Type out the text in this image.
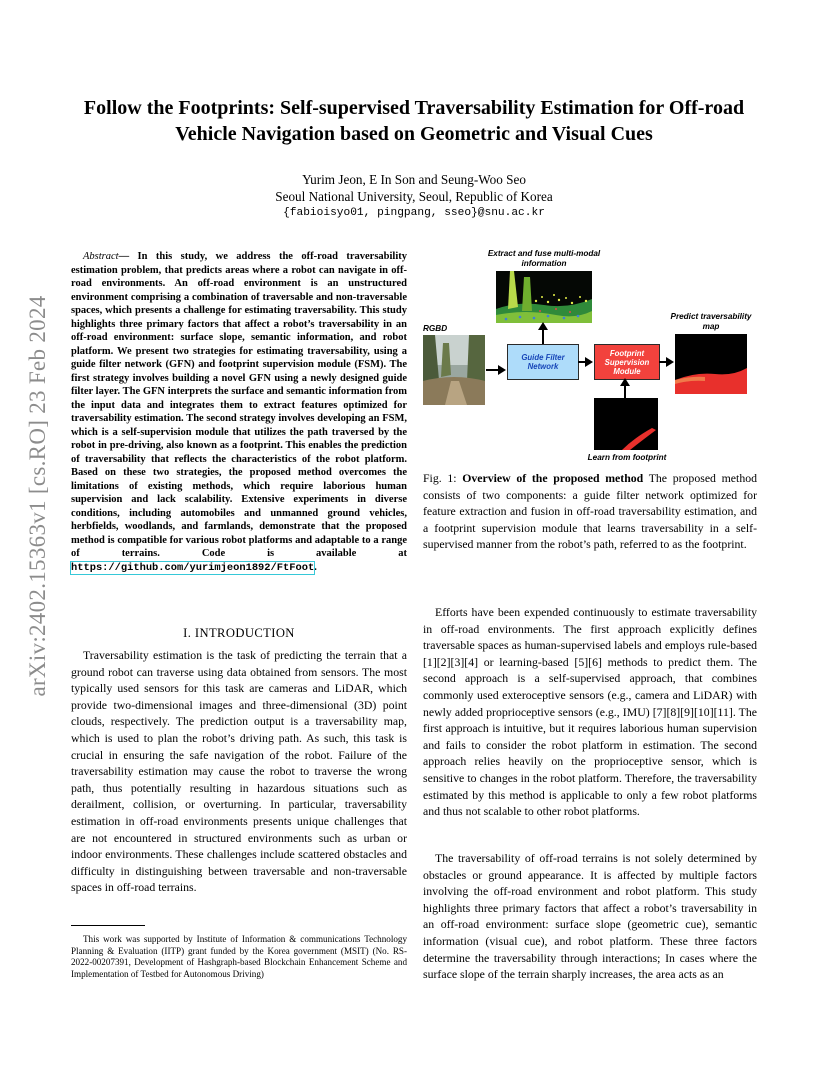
arXiv:2402.15363v1 [cs.RO] 23 Feb 2024
Follow the Footprints: Self-supervised Traversability Estimation for Off-road Vehicle Navigation based on Geometric and Visual Cues
Yurim Jeon, E In Son and Seung-Woo Seo
Seoul National University, Seoul, Republic of Korea
{fabioisyo01, pingpang, sseo}@snu.ac.kr
Abstract— In this study, we address the off-road traversability estimation problem, that predicts areas where a robot can navigate in off-road environments. An off-road environment is an unstructured environment comprising a combination of traversable and non-traversable spaces, which presents a challenge for estimating traversability. This study highlights three primary factors that affect a robot’s traversability in an off-road environment: surface slope, semantic information, and robot platform. We present two strategies for estimating traversability, using a guide filter network (GFN) and footprint supervision module (FSM). The first strategy involves building a novel GFN using a newly designed guide filter layer. The GFN interprets the surface and semantic information from the input data and integrates them to extract features optimized for traversability estimation. The second strategy involves developing an FSM, which is a self-supervision module that utilizes the path traversed by the robot in pre-driving, also known as a footprint. This enables the prediction of traversability that reflects the characteristics of the robot platform. Based on these two strategies, the proposed method overcomes the limitations of existing methods, which require laborious human supervision and lack scalability. Extensive experiments in diverse conditions, including automobiles and unmanned ground vehicles, herbfields, woodlands, and farmlands, demonstrate that the proposed method is compatible for various robot platforms and adaptable to a range of terrains. Code is available at https://github.com/yurimjeon1892/FtFoot.
I. INTRODUCTION
Traversability estimation is the task of predicting the terrain that a ground robot can traverse using data obtained from sensors. The most typically used sensors for this task are cameras and LiDAR, which provide two-dimensional images and three-dimensional (3D) point clouds, respectively. The prediction output is a traversability map, which is used to plan the robot’s driving path. As such, this task is crucial in ensuring the safe navigation of the robot. Failure of the traversability estimation may cause the robot to traverse the wrong path, thus potentially resulting in hazardous situations such as derailment, collision, or overturning. In particular, traversability estimation in off-road environments presents unique challenges that are not encountered in structured environments such as urban or indoor environments. These challenges include scattered obstacles and difficulty in distinguishing between traversable and non-traversable spaces in off-road terrains.
This work was supported by Institute of Information & communications Technology Planning & Evaluation (IITP) grant funded by the Korea government (MSIT) (No. RS-2022-00207391, Development of Hashgraph-based Blockchain Enhancement Scheme and Implementation of Testbed for Autonomous Driving)
Extract and fuse multi-modal information
RGBD
Guide Filter Network
Footprint Supervision Module
Predict traversability map
Learn from footprint
Fig. 1: Overview of the proposed method The proposed method consists of two components: a guide filter network optimized for feature extraction and fusion in off-road traversability estimation, and a footprint supervision module that learns traversability in a self-supervised manner from the robot’s path, referred to as the footprint.
Efforts have been expended continuously to estimate traversability in off-road environments. The first approach explicitly defines traversable spaces as human-supervised labels and employs rule-based [1][2][3][4] or learning-based [5][6] methods to predict them. The second approach is a self-supervised approach, that combines commonly used exteroceptive sensors (e.g., camera and LiDAR) with newly added proprioceptive sensors (e.g., IMU) [7][8][9][10][11]. The first approach is intuitive, but it requires laborious human supervision and fails to consider the robot platform in estimation. The second approach relies heavily on the proprioceptive sensor, which is sensitive to changes in the robot platform. Therefore, the traversability estimated by this method is applicable to only a few robot platforms and thus not scalable to other robot platforms.
The traversability of off-road terrains is not solely determined by obstacles or ground appearance. It is affected by multiple factors involving the off-road environment and robot platform. This study highlights three primary factors that affect a robot’s traversability in an off-road environment: surface slope (geometric cue), semantic information (visual cue), and robot platform. These three factors determine the traversability through interactions; In cases where the surface slope of the terrain sharply increases, the area acts as an
